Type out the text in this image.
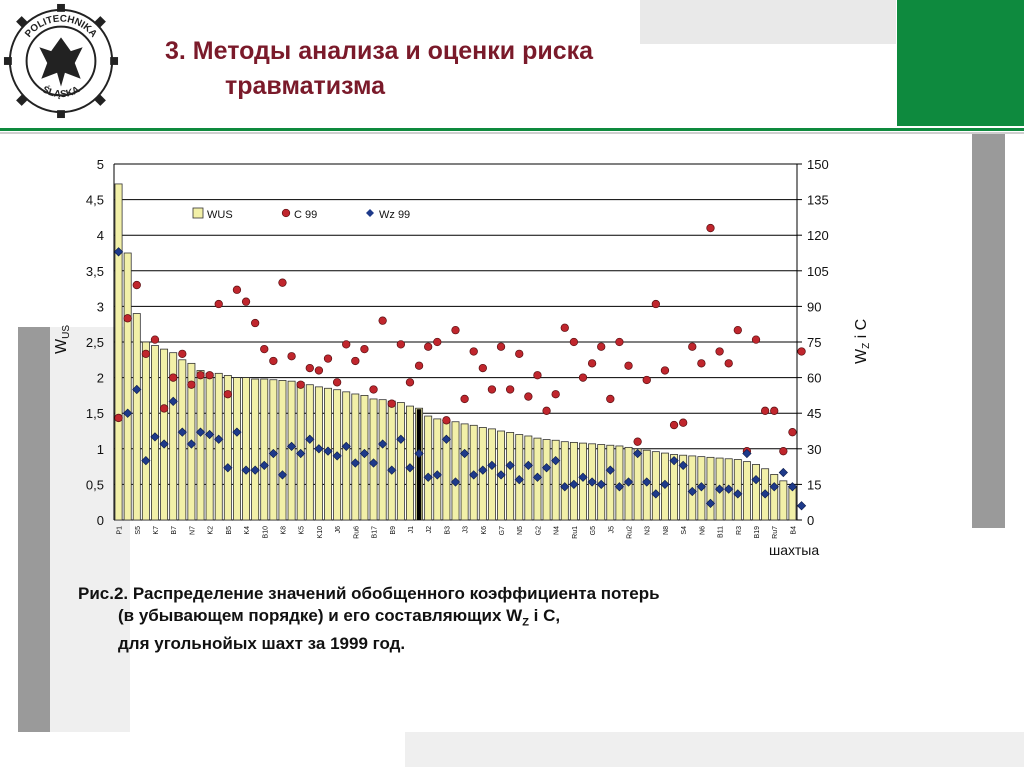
POLITECHNIKA
ŚLĄSKA
3. Методы анализа и оценки риска
травматизма
0
0,5
1
1,5
2
2,5
3
3,5
4
4,5
5
0
15
30
45
60
75
90
105
120
135
150
P1 S5 K7 B7 N7 K2 B5 K4 B10 K8 K5 K10 J6 Ru6 B17 B9 J1 J2 B3 J3 K6 G7 N5 G2 N4 Ru1 G5 J5 Ru2 N3 N8 S4 N6 B11 R3 B19 Ru7 B4
WUS	C 99	Wz 99
WUS
WZ i C
шахтыа
Рис.2. Распределение значений обобщенного коэффициента потерь
(в убывающем порядке) и его составляющих $W_Z$ i C,
для угольнойых шахт за 1999 год.
